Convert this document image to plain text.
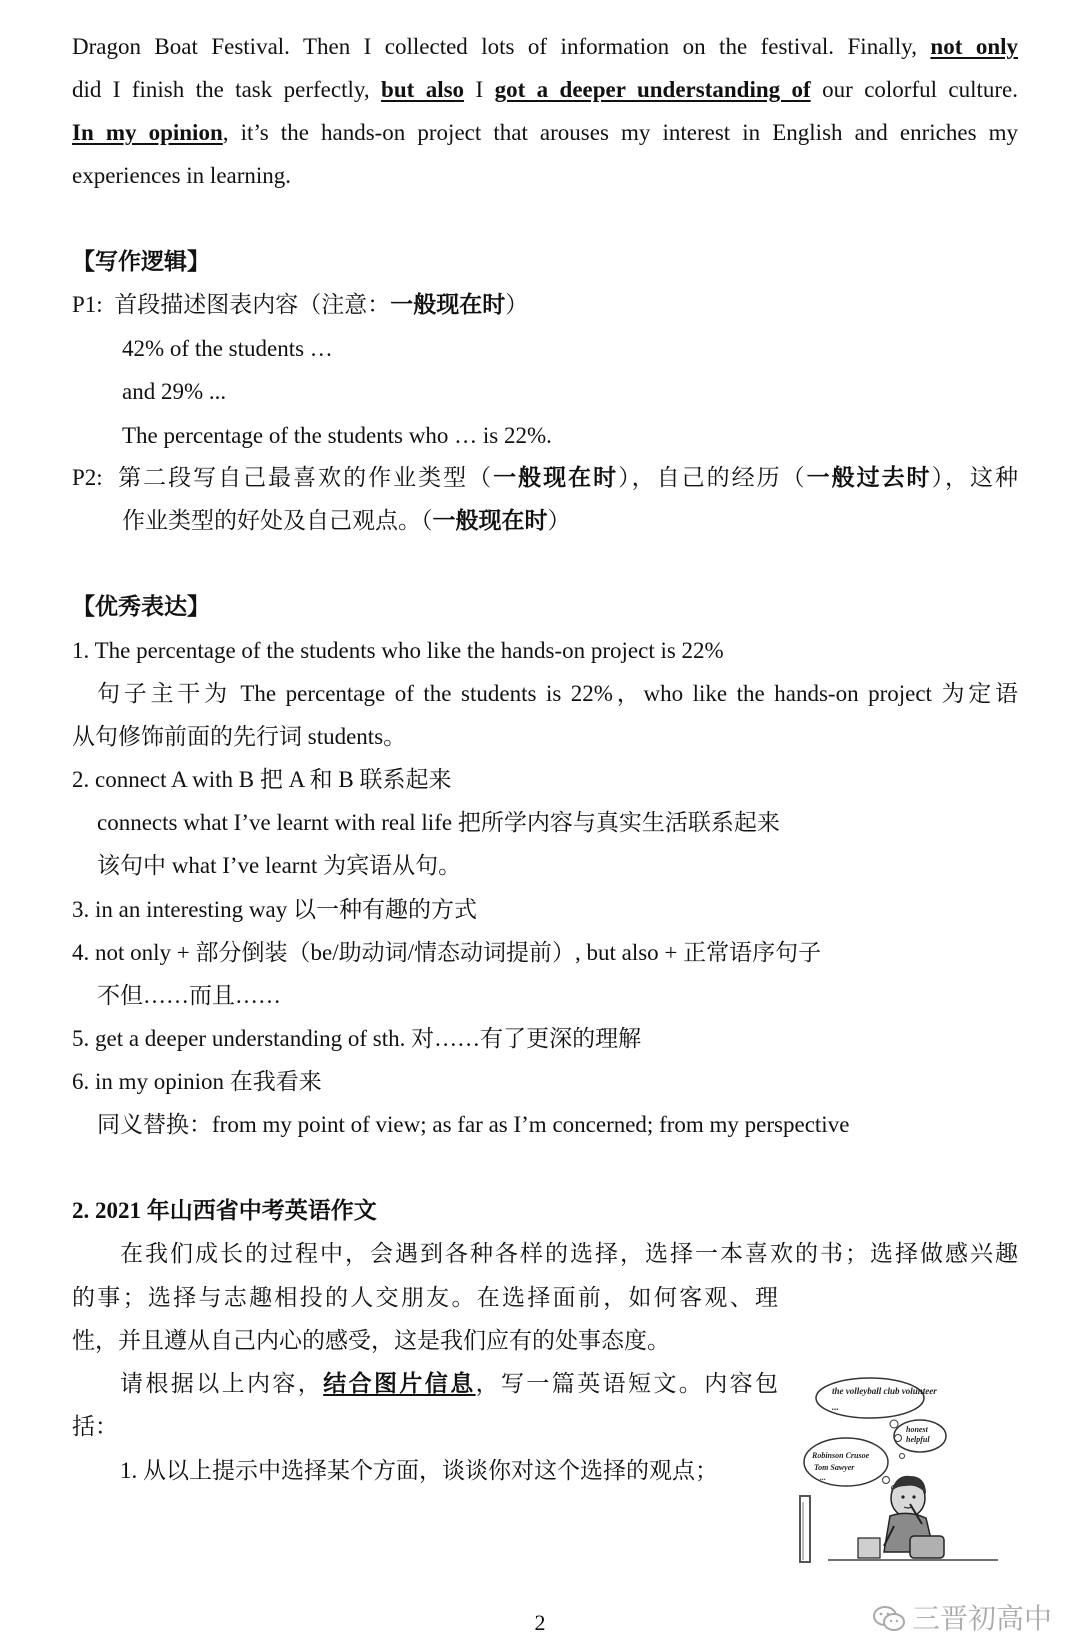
Dragon Boat Festival. Then I collected lots of information on the festival. Finally, not only
did I finish the task perfectly, but also I got a deeper understanding of our colorful culture.
In my opinion, it’s the hands-on project that arouses my interest in English and enriches my
experiences in learning.
【写作逻辑】
P1: 首段描述图表内容（注意：一般现在时）
42% of the students …
and 29% ...
The percentage of the students who … is 22%.
P2: 第二段写自己最喜欢的作业类型（一般现在时），自己的经历（一般过去时），这种
作业类型的好处及自己观点。（一般现在时）
【优秀表达】
1. The percentage of the students who like the hands-on project is 22%
句子主干为 The percentage of the students is 22%，who like the hands-on project 为定语
从句修饰前面的先行词 students。
2. connect A with B 把 A 和 B 联系起来
connects what I’ve learnt with real life 把所学内容与真实生活联系起来
该句中 what I’ve learnt 为宾语从句。
3. in an interesting way 以一种有趣的方式
4. not only + 部分倒装（be/助动词/情态动词提前）, but also + 正常语序句子
不但……而且……
5. get a deeper understanding of sth. 对……有了更深的理解
6. in my opinion 在我看来
同义替换：from my point of view; as far as I’m concerned; from my perspective
2. 2021 年山西省中考英语作文
在我们成长的过程中，会遇到各种各样的选择，选择一本喜欢的书；选择做感兴趣
的事；选择与志趣相投的人交朋友。在选择面前，如何客观、理
性，并且遵从自己内心的感受，这是我们应有的处事态度。
请根据以上内容，结合图片信息，写一篇英语短文。内容包
括：
1. 从以上提示中选择某个方面，谈谈你对这个选择的观点；
the volleyball club volunteer
...
Robinson Crusoe
Tom Sawyer
...
honest
helpful
2	三晋初高中
